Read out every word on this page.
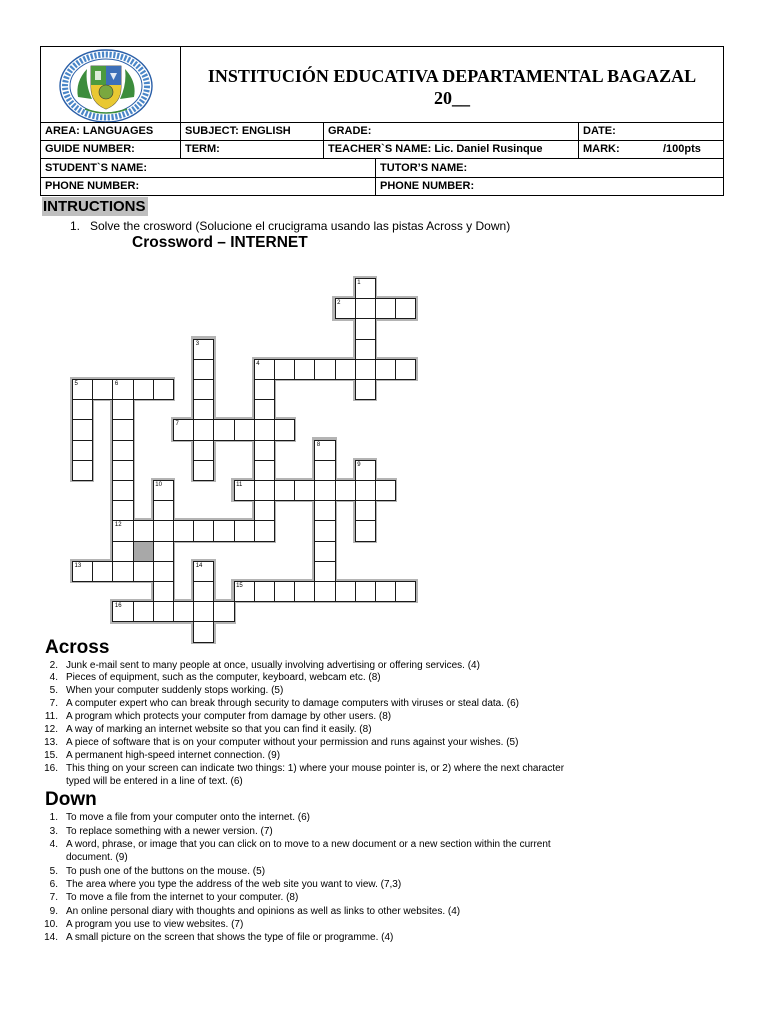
INSTITUCIÓN EDUCATIVA DEPARTAMENTAL BAGAZAL
20__
AREA: LANGUAGES	SUBJECT: ENGLISH	GRADE:	DATE:
GUIDE NUMBER:	TERM:	TEACHER`S NAME: Lic. Daniel Rusinque	MARK:	/100pts
STUDENT`S NAME:	TUTOR’S NAME:
PHONE NUMBER:	PHONE NUMBER:
INTRUCTIONS
1. Solve the crosword (Solucione el crucigrama usando las pistas Across y Down)
Crossword – INTERNET
1
2
3
4
5	6
7
8
9
10	11
12
13	14
15
16
Across
2. Junk e-mail sent to many people at once, usually involving advertising or offering services. (4)
4. Pieces of equipment, such as the computer, keyboard, webcam etc. (8)
5. When your computer suddenly stops working. (5)
7. A computer expert who can break through security to damage computers with viruses or steal data. (6)
11. A program which protects your computer from damage by other users. (8)
12. A way of marking an internet website so that you can find it easily. (8)
13. A piece of software that is on your computer without your permission and runs against your wishes. (5)
15. A permanent high-speed internet connection. (9)
16. This thing on your screen can indicate two things: 1) where your mouse pointer is, or 2) where the next character typed will be entered in a line of text. (6)
Down
1. To move a file from your computer onto the internet. (6)
3. To replace something with a newer version. (7)
4. A word, phrase, or image that you can click on to move to a new document or a new section within the current document. (9)
5. To push one of the buttons on the mouse. (5)
6. The area where you type the address of the web site you want to view. (7,3)
7. To move a file from the internet to your computer. (8)
9. An online personal diary with thoughts and opinions as well as links to other websites. (4)
10. A program you use to view websites. (7)
14. A small picture on the screen that shows the type of file or programme. (4)
